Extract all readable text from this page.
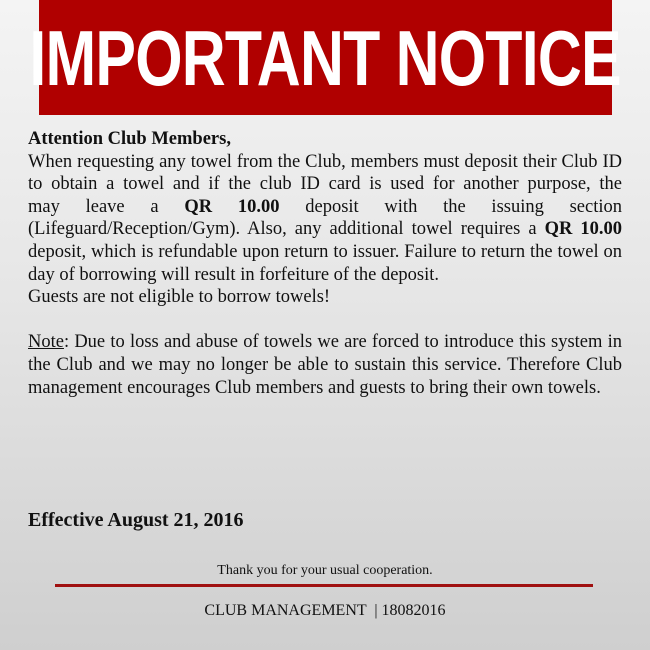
IMPORTANT NOTICE
Attention Club Members,
When requesting any towel from the Club, members must deposit their Club ID
to obtain a towel and if the club ID card is used for another purpose, the
may leave a QR 10.00 deposit with the issuing section
(Lifeguard/Reception/Gym). Also, any additional towel requires a QR 10.00
deposit, which is refundable upon return to issuer. Failure to return the towel on
day of borrowing will result in forfeiture of the deposit.
Guests are not eligible to borrow towels!
Note: Due to loss and abuse of towels we are forced to introduce this system in
the Club and we may no longer be able to sustain this service. Therefore Club
management encourages Club members and guests to bring their own towels.
Effective August 21, 2016
Thank you for your usual cooperation.
CLUB MANAGEMENT  | 18082016
